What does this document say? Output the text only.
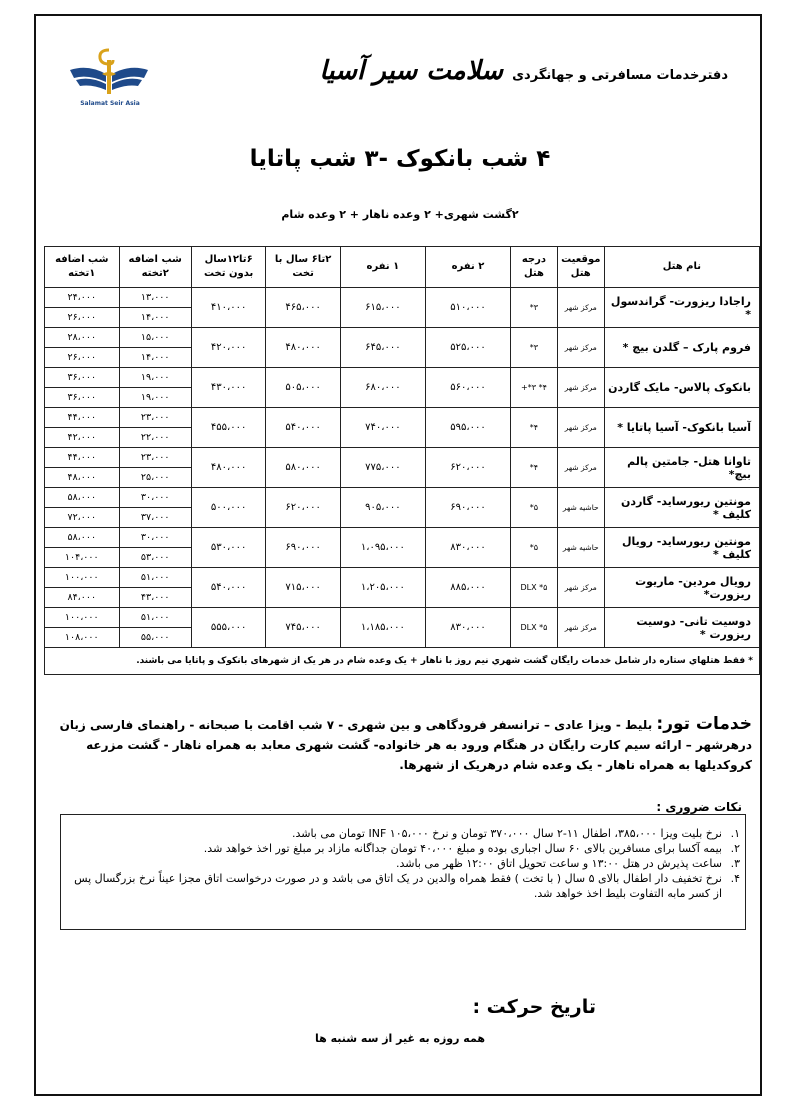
Salamat Seir Asia
دفترخدمات مسافرتی و جهانگردی سلامت سیر آسیا
۴ شب بانکوک -۳ شب پاتایا
۲گشت شهری+ ۲ وعده ناهار + ۲ وعده شام
نام هتل	موقعیت هتل	درجه هتل	۲ نفره	۱ نفره	۲تا۶ سال با تخت	۶تا۱۲سال بدون تخت	شب اضافه ۲تخته	شب اضافه ۱تخته
راجادا ریزورت- گراندسول *	مرکز شهر	۳*	۵۱۰،۰۰۰	۶۱۵،۰۰۰	۴۶۵،۰۰۰	۴۱۰،۰۰۰	۱۳،۰۰۰	۲۴،۰۰۰
							۱۴،۰۰۰	۲۶،۰۰۰
فروم پارک – گلدن بیچ *	مرکز شهر	۳*	۵۲۵،۰۰۰	۶۴۵،۰۰۰	۴۸۰،۰۰۰	۴۲۰،۰۰۰	۱۵،۰۰۰	۲۸،۰۰۰
							۱۴،۰۰۰	۲۶،۰۰۰
بانکوک پالاس- مایک گاردن	مرکز شهر	۴* ۳*+	۵۶۰،۰۰۰	۶۸۰،۰۰۰	۵۰۵،۰۰۰	۴۳۰،۰۰۰	۱۹،۰۰۰	۳۶،۰۰۰
							۱۹،۰۰۰	۳۶،۰۰۰
آسیا بانکوک- آسیا پاتایا *	مرکز شهر	۴*	۵۹۵،۰۰۰	۷۴۰،۰۰۰	۵۴۰،۰۰۰	۴۵۵،۰۰۰	۲۳،۰۰۰	۴۴،۰۰۰
							۲۲،۰۰۰	۴۲،۰۰۰
تاوانا هتل- جامتین پالم بیچ*	مرکز شهر	۴*	۶۲۰،۰۰۰	۷۷۵،۰۰۰	۵۸۰،۰۰۰	۴۸۰،۰۰۰	۲۳،۰۰۰	۴۴،۰۰۰
							۲۵،۰۰۰	۴۸،۰۰۰
مونتین ریورساید- گاردن کلیف *	حاشیه شهر	۵*	۶۹۰،۰۰۰	۹۰۵،۰۰۰	۶۲۰،۰۰۰	۵۰۰،۰۰۰	۳۰،۰۰۰	۵۸،۰۰۰
							۳۷،۰۰۰	۷۲،۰۰۰
مونتین ریورساید- رویال کلیف *	حاشیه شهر	۵*	۸۳۰،۰۰۰	۱،۰۹۵،۰۰۰	۶۹۰،۰۰۰	۵۳۰،۰۰۰	۳۰،۰۰۰	۵۸،۰۰۰
							۵۳،۰۰۰	۱۰۴،۰۰۰
رویال مردین- ماریوت ریزورت*	مرکز شهر	۵* DLX	۸۸۵،۰۰۰	۱،۲۰۵،۰۰۰	۷۱۵،۰۰۰	۵۴۰،۰۰۰	۵۱،۰۰۰	۱۰۰،۰۰۰
							۴۳،۰۰۰	۸۴،۰۰۰
دوسیت تانی- دوسیت ریزورت *	مرکز شهر	۵* DLX	۸۳۰،۰۰۰	۱،۱۸۵،۰۰۰	۷۴۵،۰۰۰	۵۵۵،۰۰۰	۵۱،۰۰۰	۱۰۰،۰۰۰
							۵۵،۰۰۰	۱۰۸،۰۰۰
* فقط هتلهاي ستاره دار شامل خدمات رايگان گشت شهري نيم روز با ناهار + یک وعده شام در هر یک از شهرهای بانکوک و پاتایا می باشند.								
خدمات تور: بلیط - ویزا عادی – ترانسفر فرودگاهی و بین شهری - ۷ شب اقامت با صبحانه - راهنمای فارسی زبان درهرشهر – ارائه سیم کارت رایگان در هنگام ورود به هر خانواده- گشت شهری معابد به همراه ناهار - گشت مزرعه کروکدیلها به همراه ناهار - یک وعده شام درهریک از شهرها.
نکات ضروری :
۱.
نرخ بلیت ویزا ۳۸۵،۰۰۰، اطفال ۱۱-۲ سال ۳۷۰،۰۰۰ تومان و نرخ INF ۱۰۵،۰۰۰ تومان می باشد.
۲.
بیمه آکسا برای مسافرین بالای ۶۰ سال اجباری بوده و مبلغ ۴۰،۰۰۰ تومان جداگانه مازاد بر مبلغ تور اخذ خواهد شد.
۳.
ساعت پذیرش در هتل ۱۳:۰۰ و ساعت تحویل اتاق ۱۲:۰۰ ظهر می باشد.
۴.
نرخ تخفیف دار اطفال بالای ۵ سال ( با تخت ) فقط همراه والدین در یک اتاق می باشد و در صورت درخواست اتاق مجزا عیناً نرخ بزرگسال پس از کسر مابه التفاوت بلیط اخذ خواهد شد.
تاریخ حرکت :
همه روزه به غیر از سه شنبه ها
